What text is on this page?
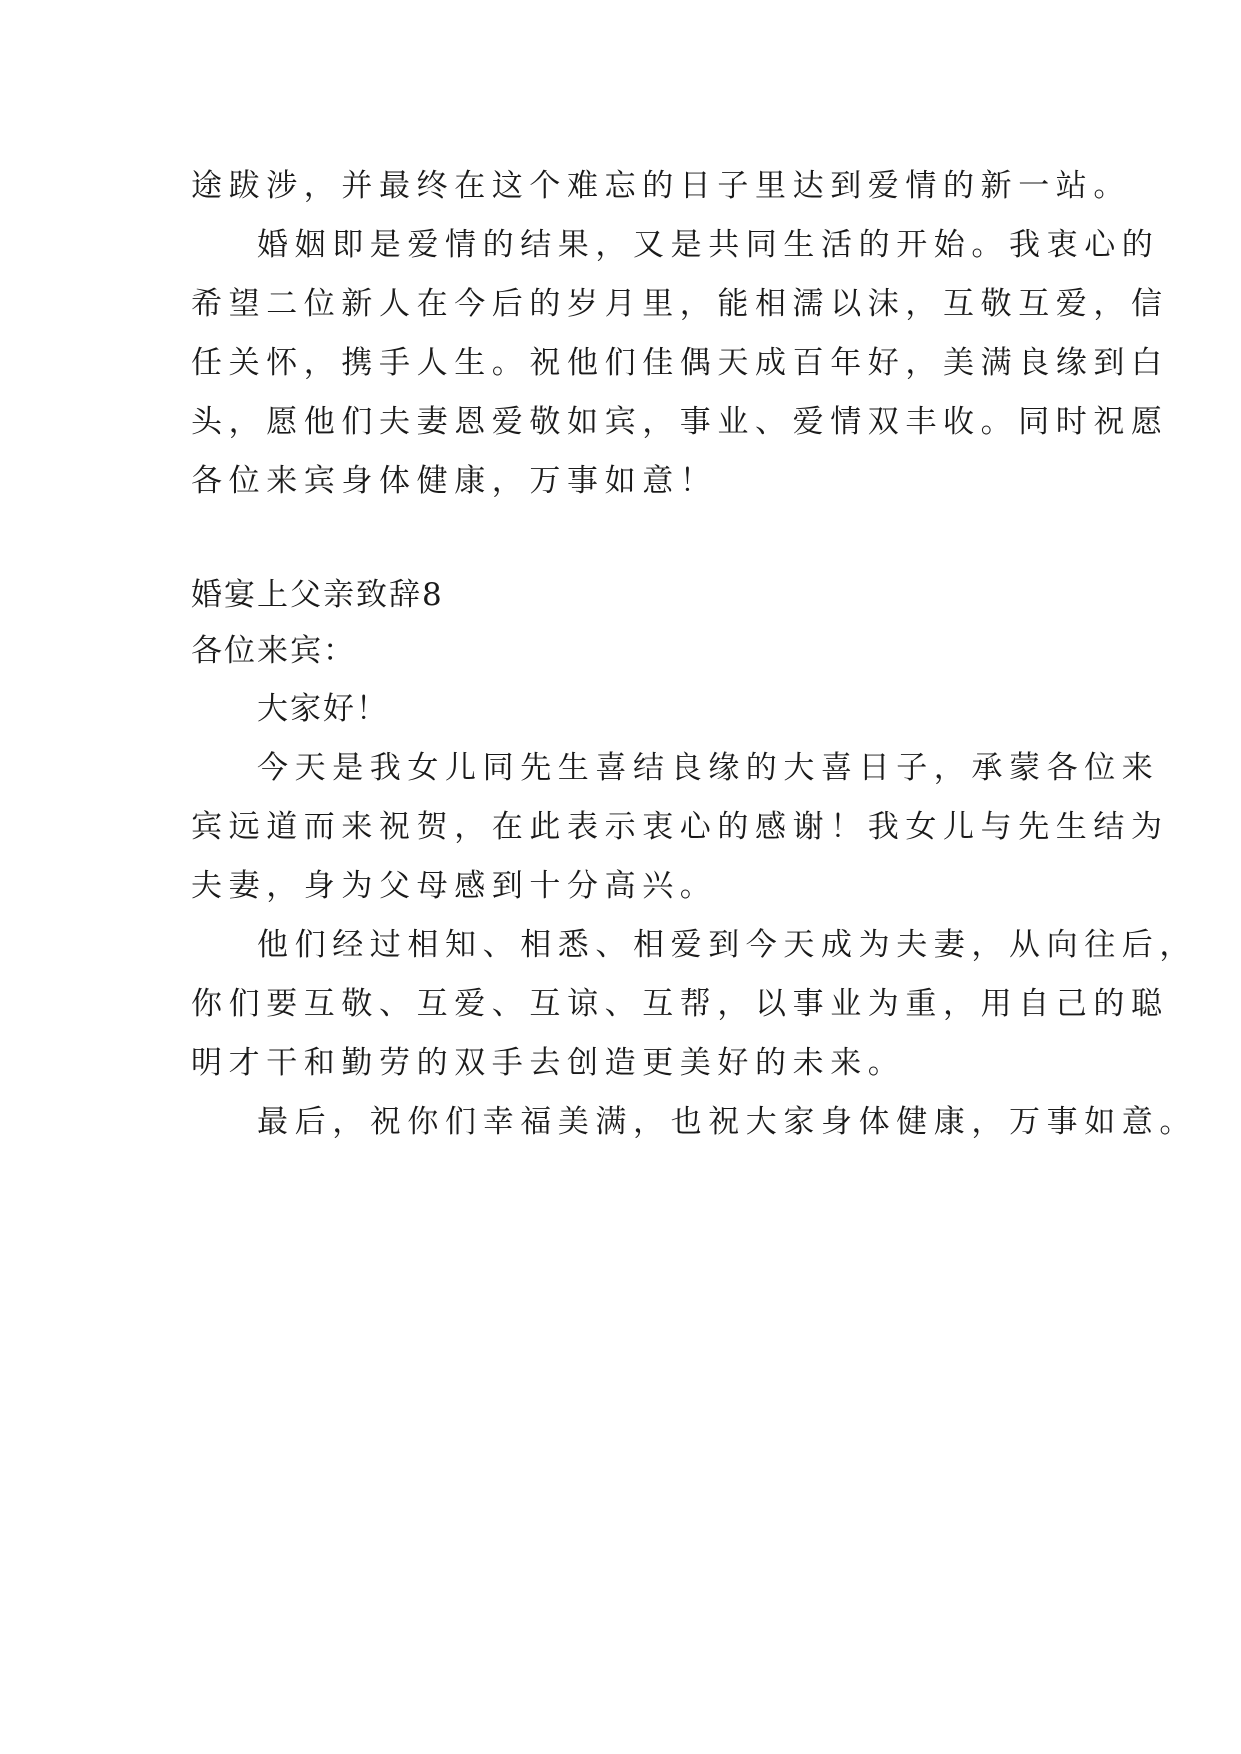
途跋涉，并最终在这个难忘的日子里达到爱情的新一站。
婚姻即是爱情的结果，又是共同生活的开始。我衷心的
希望二位新人在今后的岁月里，能相濡以沫，互敬互爱，信
任关怀，携手人生。祝他们佳偶天成百年好，美满良缘到白
头，愿他们夫妻恩爱敬如宾，事业、爱情双丰收。同时祝愿
各位来宾身体健康，万事如意！
婚宴上父亲致辞8
各位来宾：
大家好！
今天是我女儿同先生喜结良缘的大喜日子，承蒙各位来
宾远道而来祝贺，在此表示衷心的感谢！我女儿与先生结为
夫妻，身为父母感到十分高兴。
他们经过相知、相悉、相爱到今天成为夫妻，从向往后，
你们要互敬、互爱、互谅、互帮，以事业为重，用自己的聪
明才干和勤劳的双手去创造更美好的未来。
最后，祝你们幸福美满，也祝大家身体健康，万事如意。
